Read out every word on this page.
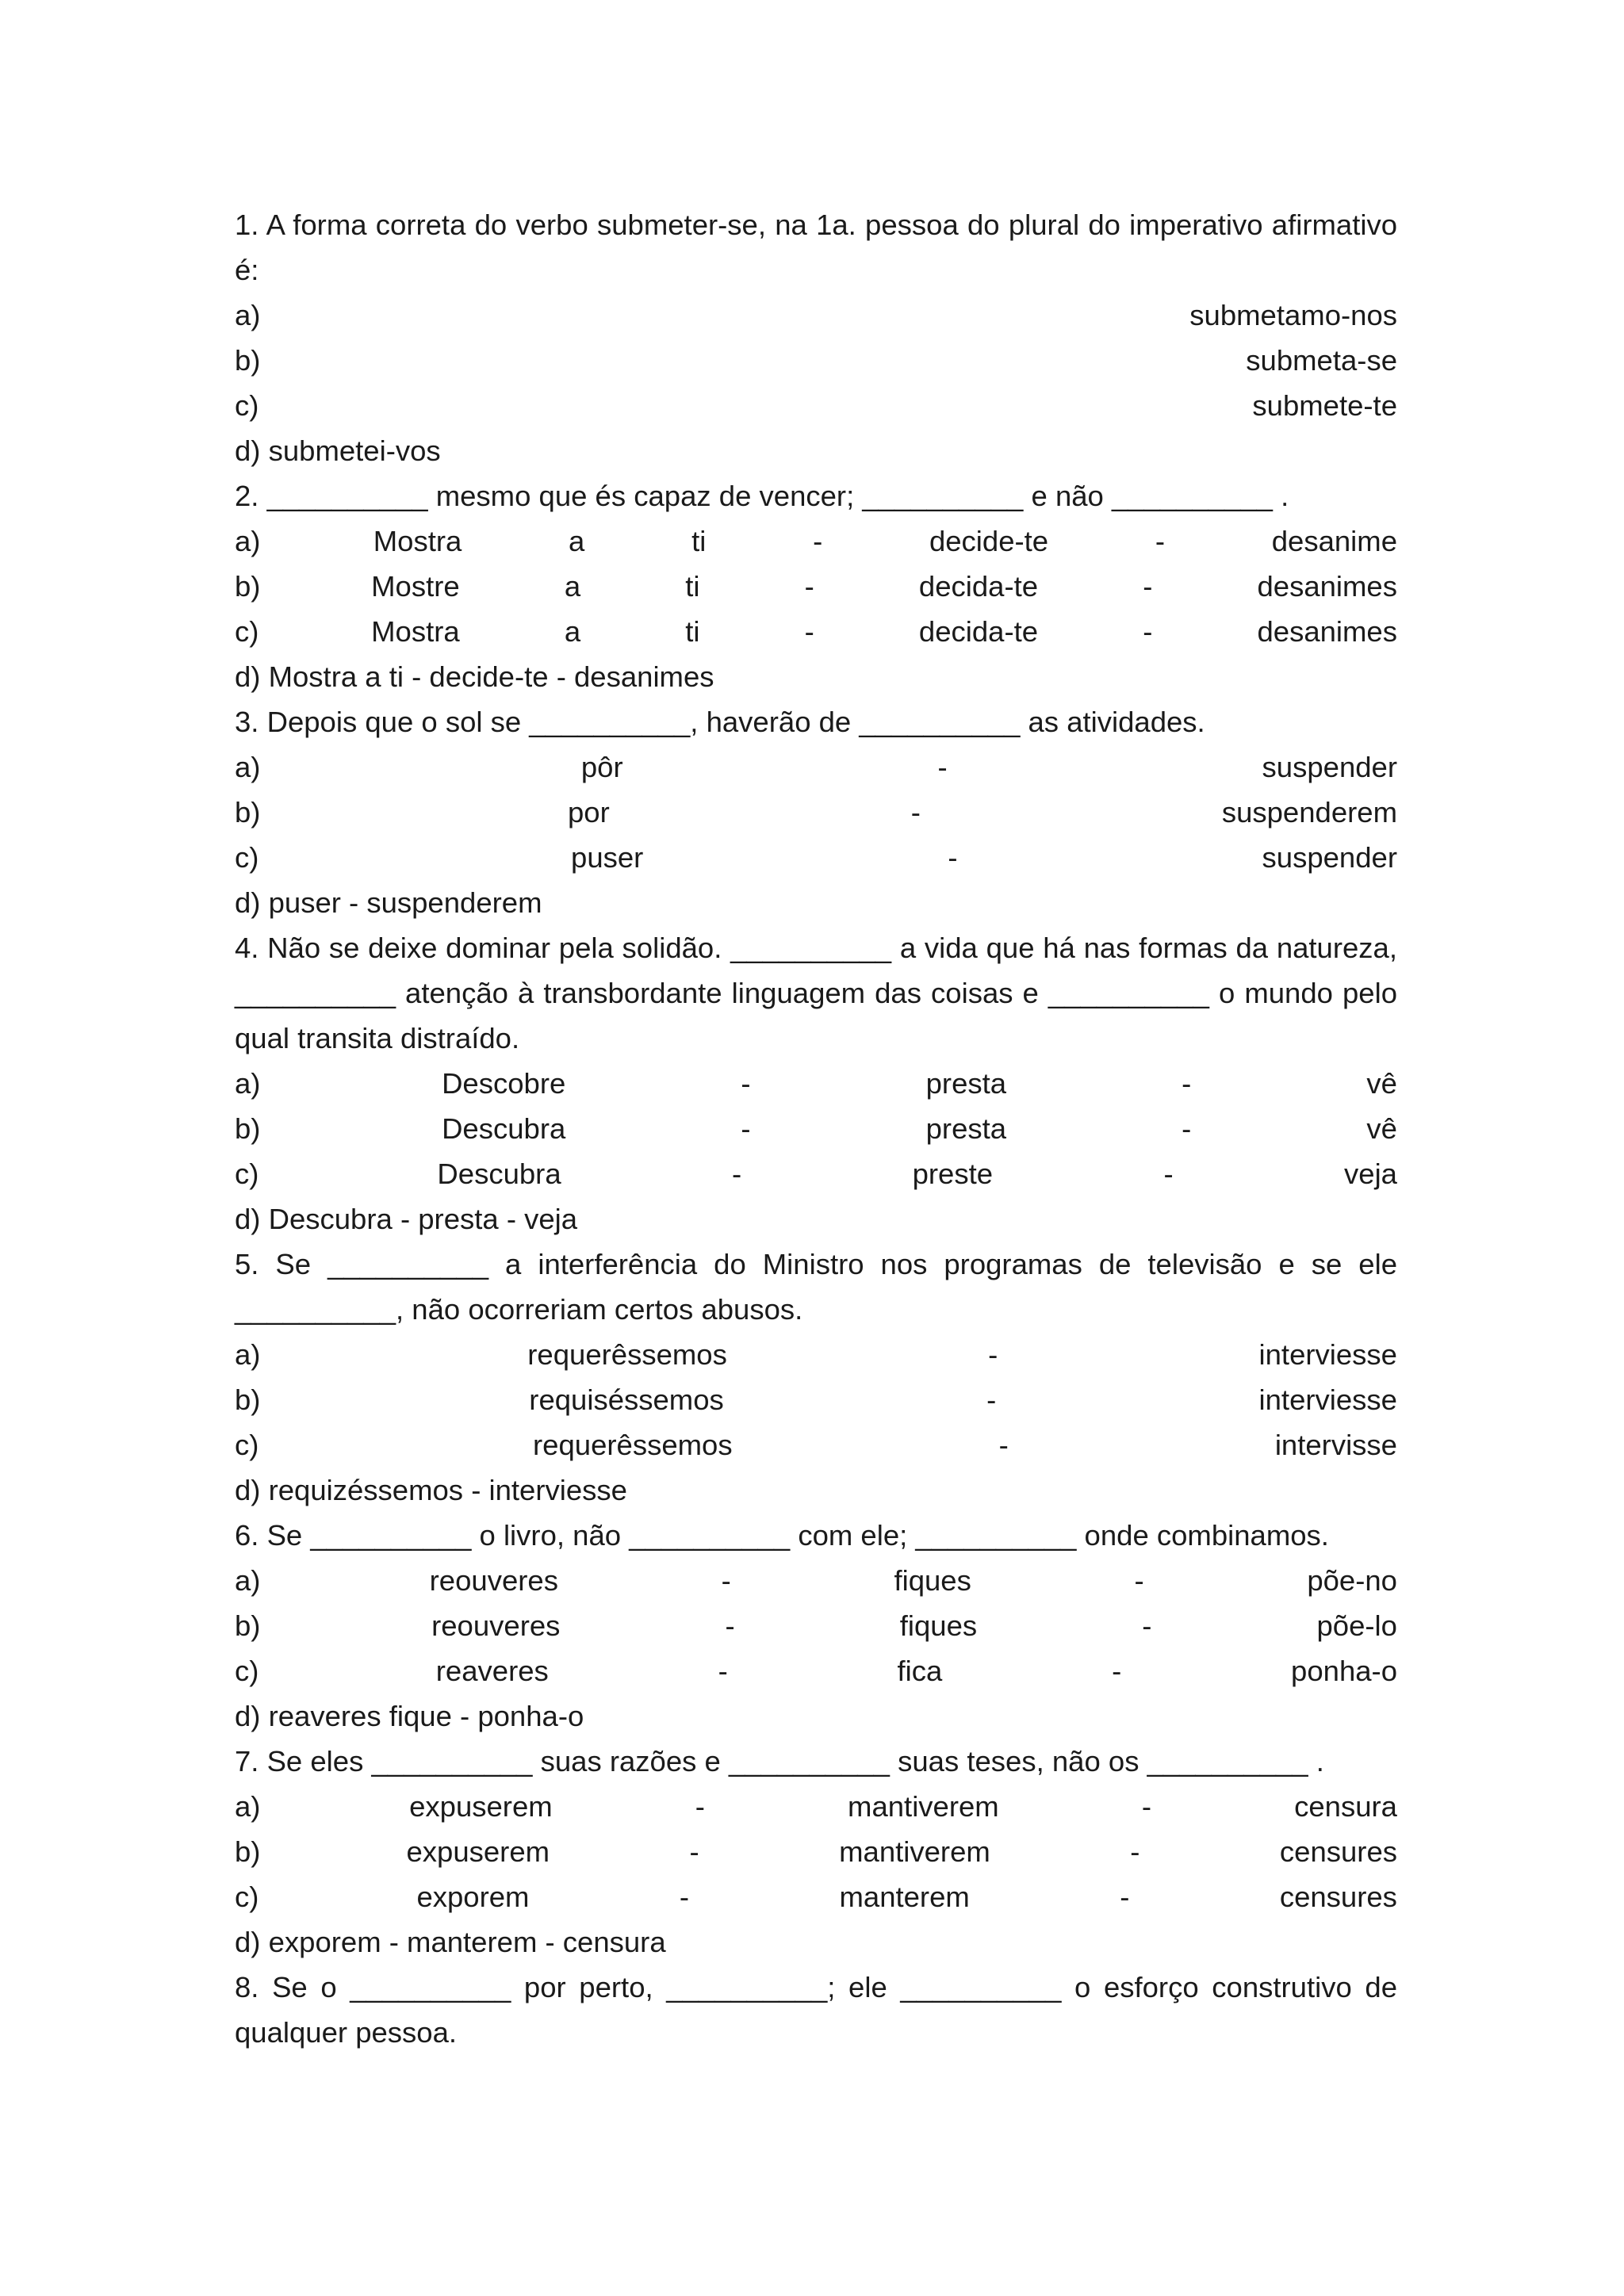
1. A forma correta do verbo submeter-se, na 1a. pessoa do plural do imperativo afirmativo
é:
a)	submetamo-nos
b)	submeta-se
c)	submete-te
d) submetei-vos
2. __________ mesmo que és capaz de vencer; __________ e não __________ .
a)	Mostra	a	ti	-	decide-te	-	desanime
b)	Mostre	a	ti	-	decida-te	-	desanimes
c)	Mostra	a	ti	-	decida-te	-	desanimes
d) Mostra a ti - decide-te - desanimes
3. Depois que o sol se __________, haverão de __________ as atividades.
a)	pôr	-	suspender
b)	por	-	suspenderem
c)	puser	-	suspender
d) puser - suspenderem
4. Não se deixe dominar pela solidão. __________ a vida que há nas formas da natureza,
__________ atenção à transbordante linguagem das coisas e __________ o mundo pelo
qual transita distraído.
a)	Descobre	-	presta	-	vê
b)	Descubra	-	presta	-	vê
c)	Descubra	-	preste	-	veja
d) Descubra - presta - veja
5. Se __________ a interferência do Ministro nos programas de televisão e se ele
__________, não ocorreriam certos abusos.
a)	requerêssemos	-	interviesse
b)	requiséssemos	-	interviesse
c)	requerêssemos	-	intervisse
d) requizéssemos - interviesse
6. Se __________ o livro, não __________ com ele; __________ onde combinamos.
a)	reouveres	-	fiques	-	põe-no
b)	reouveres	-	fiques	-	põe-lo
c)	reaveres	-	fica	-	ponha-o
d) reaveres fique - ponha-o
7. Se eles __________ suas razões e __________ suas teses, não os __________ .
a)	expuserem	-	mantiverem	-	censura
b)	expuserem	-	mantiverem	-	censures
c)	exporem	-	manterem	-	censures
d) exporem - manterem - censura
8. Se o __________ por perto, __________; ele __________ o esforço construtivo de
qualquer pessoa.
